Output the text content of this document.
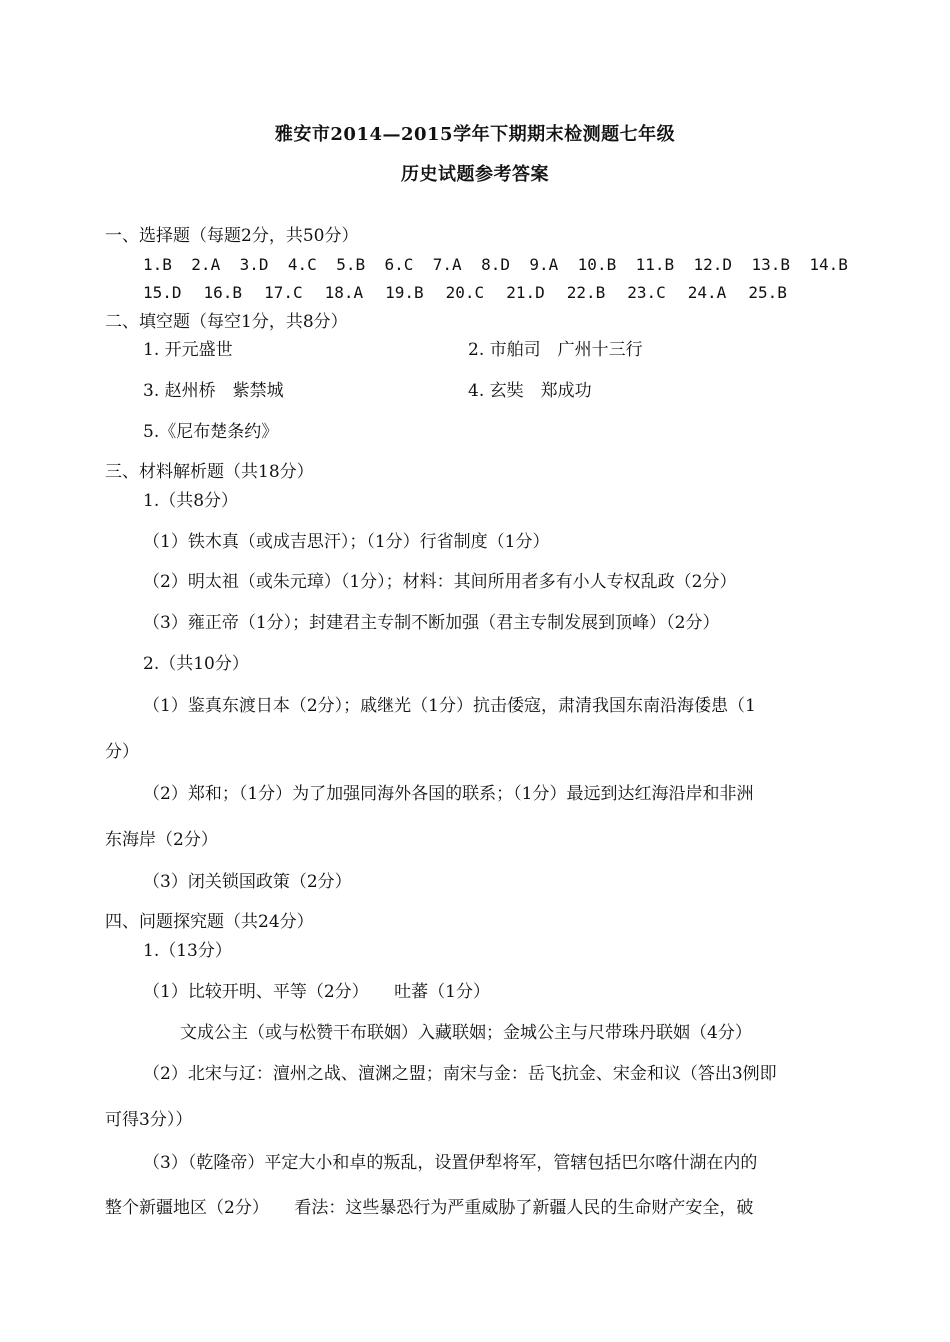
雅安市2014—2015学年下期期末检测题七年级
历史试题参考答案
一、选择题（每题2分，共50分）
1.B 2.A 3.D 4.C 5.B 6.C 7.A 8.D 9.A 10.B 11.B 12.D 13.B 14.B
15.D 16.B 17.C 18.A 19.B 20.C 21.D 22.B 23.C 24.A 25.B
二、填空题（每空1分，共8分）
1. 开元盛世	2. 市舶司　广州十三行
3. 赵州桥　紫禁城	4. 玄奘　郑成功
5.《尼布楚条约》
三、材料解析题（共18分）
1.（共8分）
（1）铁木真（或成吉思汗）；（1分）行省制度（1分）
（2）明太祖（或朱元璋）（1分）；材料：其间所用者多有小人专权乱政（2分）
（3）雍正帝（1分）；封建君主专制不断加强（君主专制发展到顶峰）（2分）
2.（共10分）
（1）鉴真东渡日本（2分）；戚继光（1分）抗击倭寇，肃清我国东南沿海倭患（1
分）
（2）郑和；（1分）为了加强同海外各国的联系；（1分）最远到达红海沿岸和非洲
东海岸（2分）
（3）闭关锁国政策（2分）
四、问题探究题（共24分）
1.（13分）
（1）比较开明、平等（2分）　　吐蕃（1分）
文成公主（或与松赞干布联姻）入藏联姻；金城公主与尺带珠丹联姻（4分）
（2）北宋与辽：澶州之战、澶渊之盟；南宋与金：岳飞抗金、宋金和议（答出3例即
可得3分））
（3）（乾隆帝）平定大小和卓的叛乱，设置伊犁将军，管辖包括巴尔喀什湖在内的
整个新疆地区（2分）　　看法：这些暴恐行为严重威胁了新疆人民的生命财产安全，破
